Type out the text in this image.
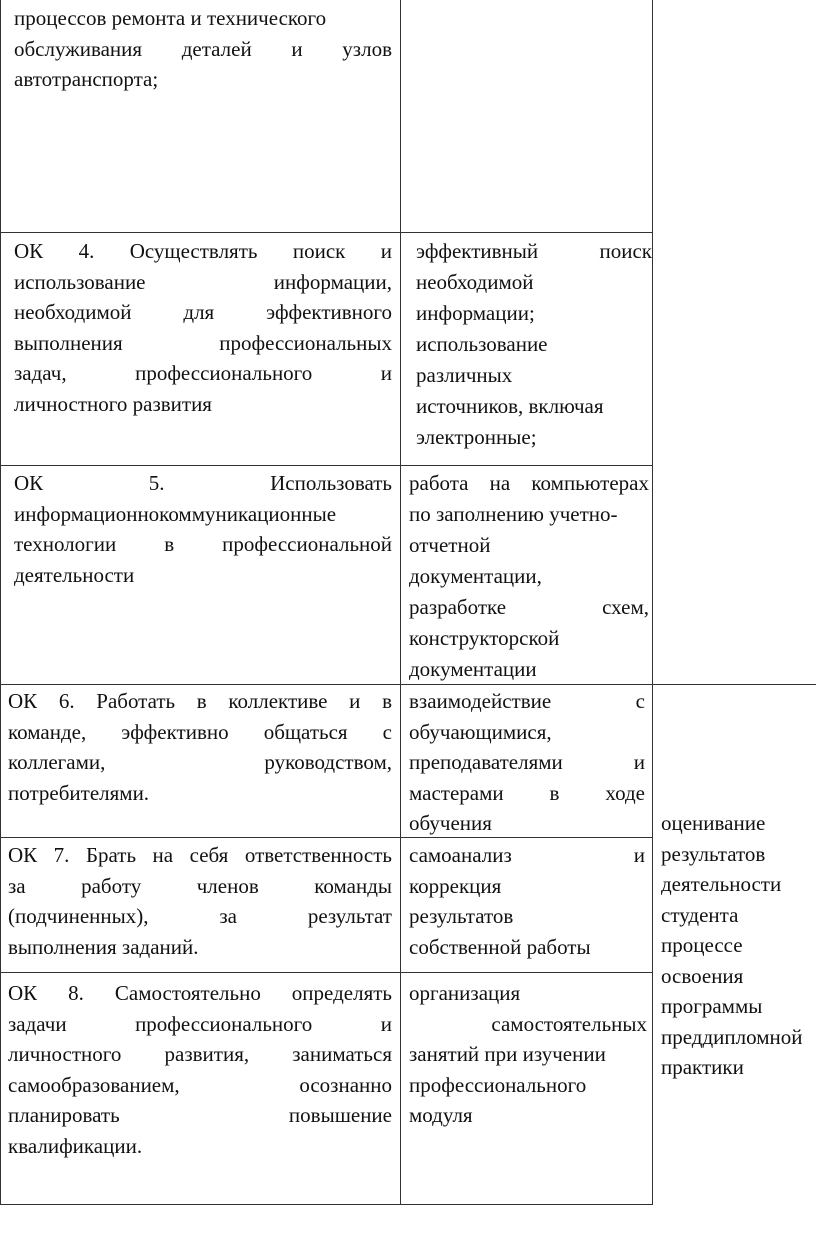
процессов ремонта и технического
обслуживания деталей и узлов
автотранспорта;
ОК 4. Осуществлять поиск и
использование информации,
необходимой для эффективного
выполнения профессиональных
задач, профессионального и
личностного развития
эффективный поиск
необходимой
информации;
использование
различных
источников, включая
электронные;
ОК 5. Использовать
информационнокоммуникационные
технологии в профессиональной
деятельности
работа на компьютерах
по заполнению учетно-
отчетной
документации,
разработке схем,
конструкторской
документации
ОК 6. Работать в коллективе и в
команде, эффективно общаться с
коллегами, руководством,
потребителями.
взаимодействие с
обучающимися,
преподавателями и
мастерами в ходе
обучения
ОК 7. Брать на себя ответственность
за работу членов команды
(подчиненных), за результат
выполнения заданий.
самоанализ и
коррекция
результатов
собственной работы
ОК 8. Самостоятельно определять
задачи профессионального и
личностного развития, заниматься
самообразованием, осознанно
планировать повышение
квалификации.
организация
самостоятельных
занятий при изучении
профессионального
модуля
оценивание
результатов
деятельности
студента
процессе
освоения
программы
преддипломной
практики
